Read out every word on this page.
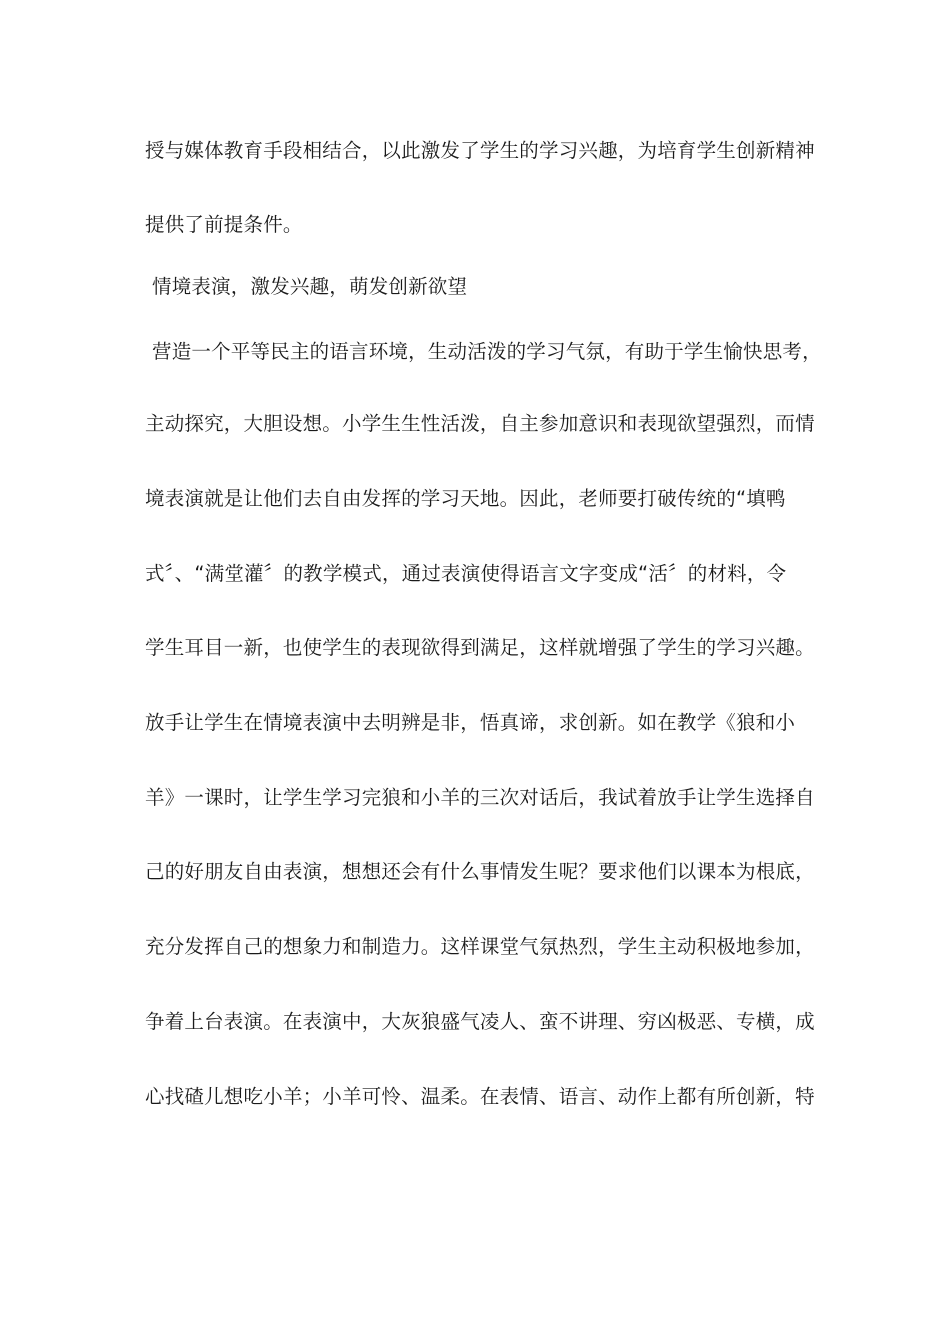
授与媒体教育手段相结合，以此激发了学生的学习兴趣，为培育学生创新精神
提供了前提条件。
情境表演，激发兴趣，萌发创新欲望
营造一个平等民主的语言环境，生动活泼的学习气氛，有助于学生愉快思考，
主动探究，大胆设想。小学生生性活泼，自主参加意识和表现欲望强烈，而情
境表演就是让他们去自由发挥的学习天地。因此，老师要打破传统的“填鸭
式〞、“满堂灌〞的教学模式，通过表演使得语言文字变成“活〞的材料，令
学生耳目一新，也使学生的表现欲得到满足，这样就增强了学生的学习兴趣。
放手让学生在情境表演中去明辨是非，悟真谛，求创新。如在教学《狼和小
羊》一课时，让学生学习完狼和小羊的三次对话后，我试着放手让学生选择自
己的好朋友自由表演，想想还会有什么事情发生呢？要求他们以课本为根底，
充分发挥自己的想象力和制造力。这样课堂气氛热烈，学生主动积极地参加，
争着上台表演。在表演中，大灰狼盛气凌人、蛮不讲理、穷凶极恶、专横，成
心找碴儿想吃小羊；小羊可怜、温柔。在表情、语言、动作上都有所创新，特
